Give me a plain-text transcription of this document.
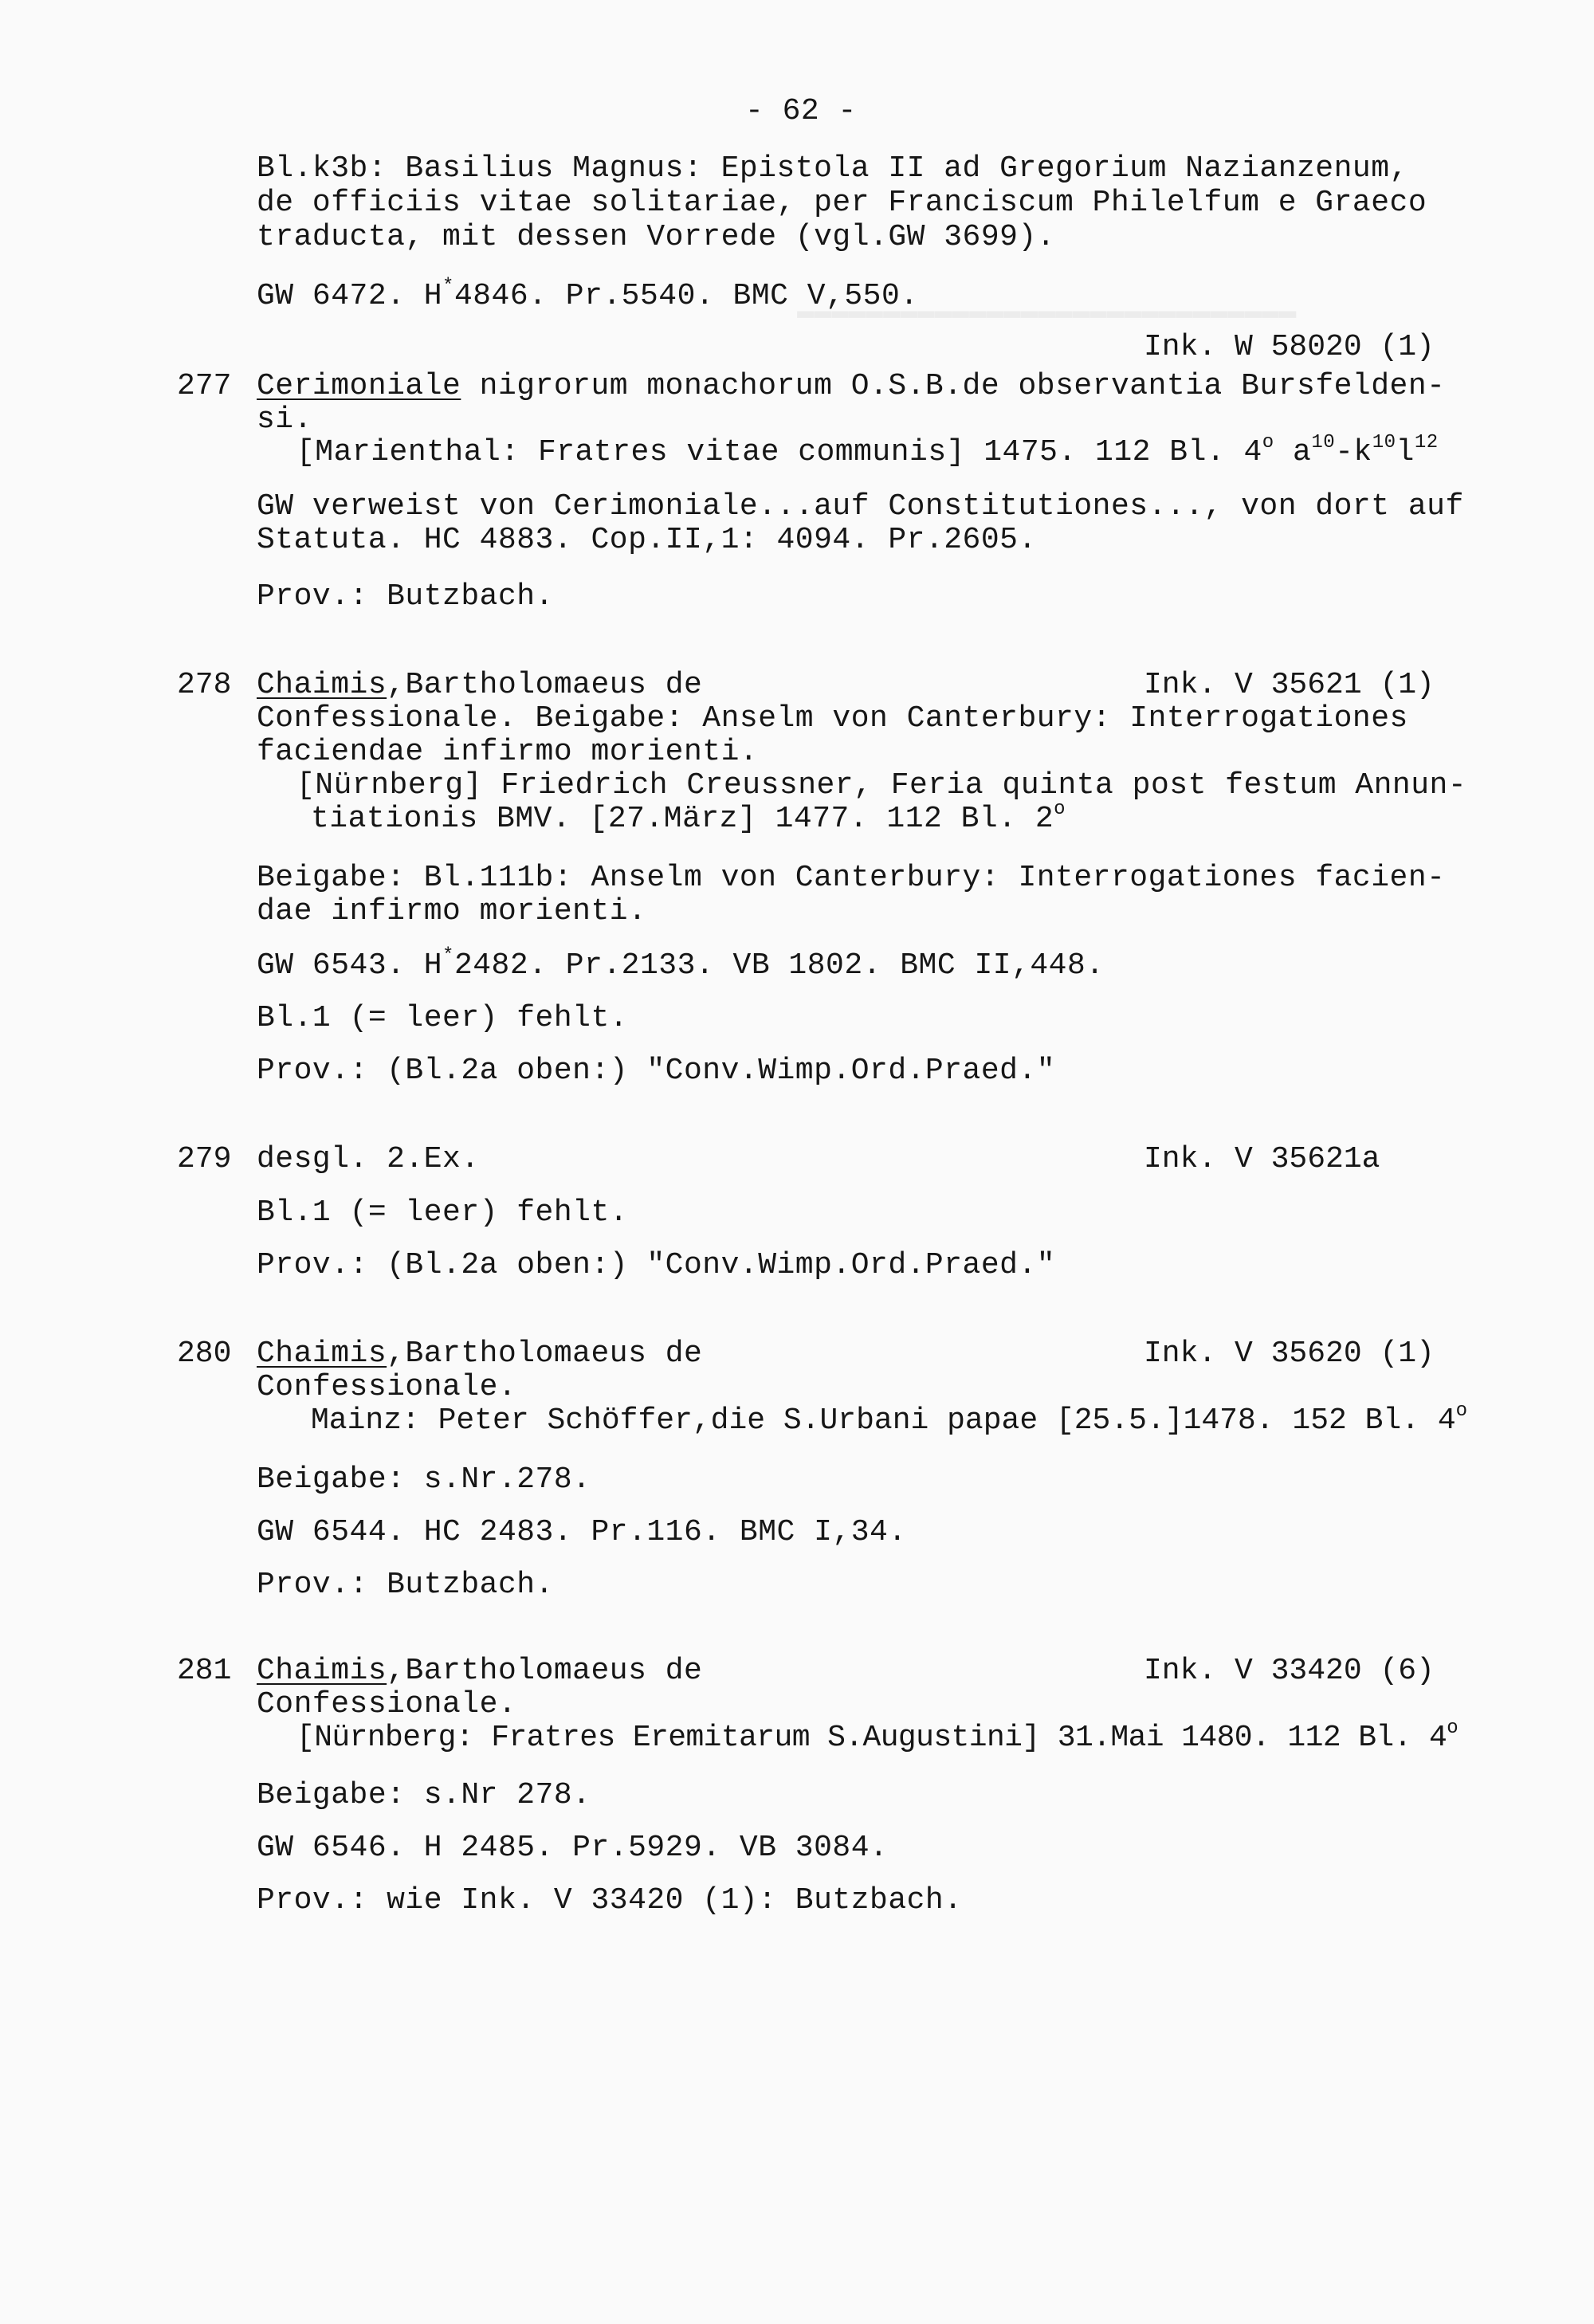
▬▬▬▬▬▬▬▬▬▬▬▬▬▬▬▬▬▬▬▬▬▬▬▬▬▬▬▬▬
- 62 -
Bl.k3b: Basilius Magnus: Epistola II ad Gregorium Nazianzenum,
de officiis vitae solitariae, per Franciscum Philelfum e Graeco
traducta, mit dessen Vorrede (vgl.GW 3699).
GW 6472. H*4846. Pr.5540. BMC V,550.
Ink. W 58020 (1)
277 Cerimoniale nigrorum monachorum O.S.B.de observantia Bursfelden-
si.
[Marienthal: Fratres vitae communis] 1475. 112 Bl. 4$^o$ $a^{10}-k^{10}l^{12}$
GW verweist von Cerimoniale...auf Constitutiones..., von dort auf
Statuta. HC 4883. Cop.II,1: 4094. Pr.2605.
Prov.: Butzbach.
278 Chaimis,Bartholomaeus de	Ink. V 35621 (1)
Confessionale. Beigabe: Anselm von Canterbury: Interrogationes
faciendae infirmo morienti.
[Nürnberg] Friedrich Creussner, Feria quinta post festum Annun-
tiationis BMV. [27.März] 1477. 112 Bl. 2$^o$
Beigabe: Bl.111b: Anselm von Canterbury: Interrogationes facien-
dae infirmo morienti.
GW 6543. H*2482. Pr.2133. VB 1802. BMC II,448.
Bl.1 (= leer) fehlt.
Prov.: (Bl.2a oben:) "Conv.Wimp.Ord.Praed."
279 desgl. 2.Ex.	Ink. V 35621a
Bl.1 (= leer) fehlt.
Prov.: (Bl.2a oben:) "Conv.Wimp.Ord.Praed."
280 Chaimis,Bartholomaeus de	Ink. V 35620 (1)
Confessionale.
Mainz: Peter Schöffer,die S.Urbani papae [25.5.]1478. 152 Bl. 4$^o$
Beigabe: s.Nr.278.
GW 6544. HC 2483. Pr.116. BMC I,34.
Prov.: Butzbach.
281 Chaimis,Bartholomaeus de	Ink. V 33420 (6)
Confessionale.
[Nürnberg: Fratres Eremitarum S.Augustini] 31.Mai 1480. 112 Bl. 4$^o$
Beigabe: s.Nr 278.
GW 6546. H 2485. Pr.5929. VB 3084.
Prov.: wie Ink. V 33420 (1): Butzbach.
